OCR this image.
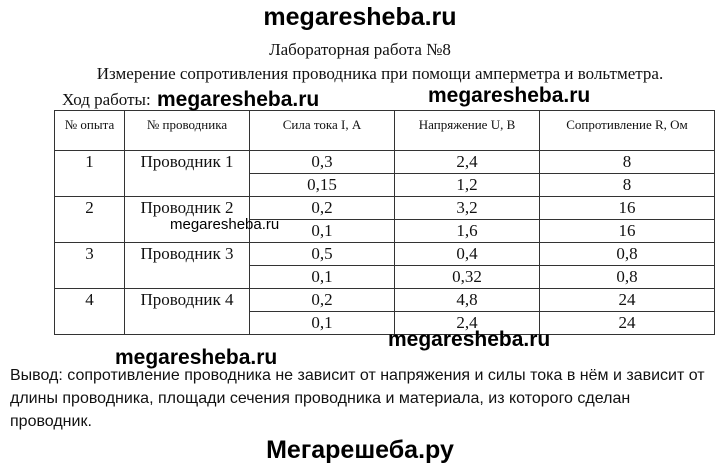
megaresheba.ru
Лабораторная работа №8
Измерение сопротивления проводника при помощи амперметра и вольтметра.
Ход работы:
№ опыта	№ проводника	Сила тока I, А	Напряжение U, В	Сопротивление R, Ом
1	Проводник 1	0,3	2,4	8
		0,15	1,2	8
2	Проводник 2	0,2	3,2	16
		0,1	1,6	16
3	Проводник 3	0,5	0,4	0,8
		0,1	0,32	0,8
4	Проводник 4	0,2	4,8	24
		0,1	2,4	24
megaresheba.ru	megaresheba.ru
megaresheba.ru
megaresheba.ru
megaresheba.ru
Вывод: сопротивление проводника не зависит от напряжения и силы тока в нём и зависит от длины проводника, площади сечения проводника и материала, из которого сделан проводник.
Мегарешеба.ру
